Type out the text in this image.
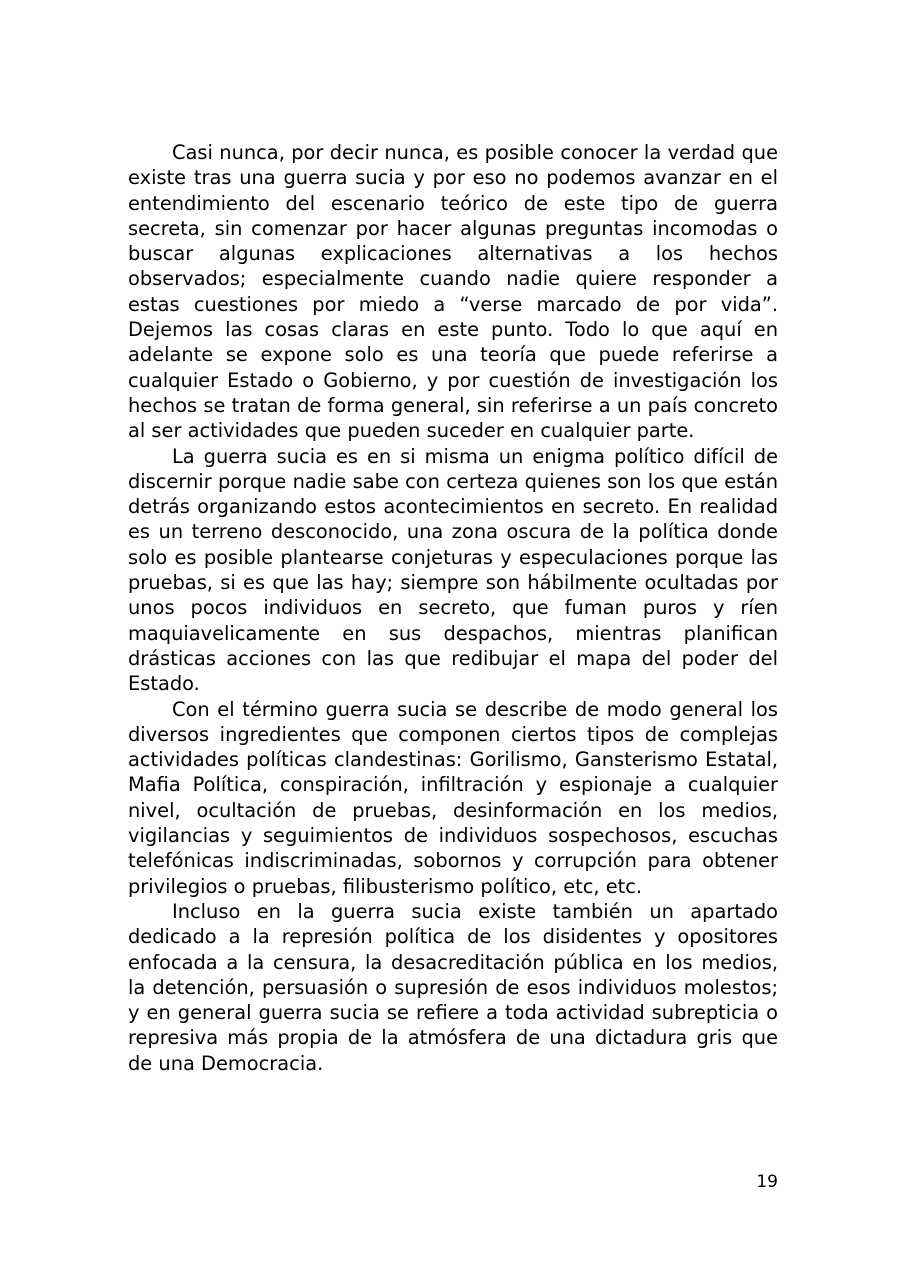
Casi nunca, por decir nunca, es posible conocer la verdad que existe tras una guerra sucia y por eso no podemos avanzar en el entendimiento del escenario teórico de este tipo de guerra secreta, sin comenzar por hacer algunas preguntas incomodas o buscar algunas explicaciones alternativas a los hechos observados; especialmente cuando nadie quiere responder a estas cuestiones por miedo a “verse marcado de por vida”. Dejemos las cosas claras en este punto. Todo lo que aquí en adelante se expone solo es una teoría que puede referirse a cualquier Estado o Gobierno, y por cuestión de investigación los hechos se tratan de forma general, sin referirse a un país concreto al ser actividades que pueden suceder en cualquier parte.

La guerra sucia es en si misma un enigma político difícil de discernir porque nadie sabe con certeza quienes son los que están detrás organizando estos acontecimientos en secreto. En realidad es un terreno desconocido, una zona oscura de la política donde solo es posible plantearse conjeturas y especulaciones porque las pruebas, si es que las hay; siempre son hábilmente ocultadas por unos pocos individuos en secreto, que fuman puros y ríen maquiavelicamente en sus despachos, mientras planifican drásticas acciones con las que redibujar el mapa del poder del Estado.

Con el término guerra sucia se describe de modo general los diversos ingredientes que componen ciertos tipos de complejas actividades políticas clandestinas: Gorilismo, Gansterismo Estatal, Mafia Política, conspiración, infiltración y espionaje a cualquier nivel, ocultación de pruebas, desinformación en los medios, vigilancias y seguimientos de individuos sospechosos, escuchas telefónicas indiscriminadas, sobornos y corrupción para obtener privilegios o pruebas, filibusterismo político, etc, etc.

Incluso en la guerra sucia existe también un apartado dedicado a la represión política de los disidentes y opositores enfocada a la censura, la desacreditación pública en los medios, la detención, persuasión o supresión de esos individuos molestos; y en general guerra sucia se refiere a toda actividad subrepticia o represiva más propia de la atmósfera de una dictadura gris que de una Democracia.

19
